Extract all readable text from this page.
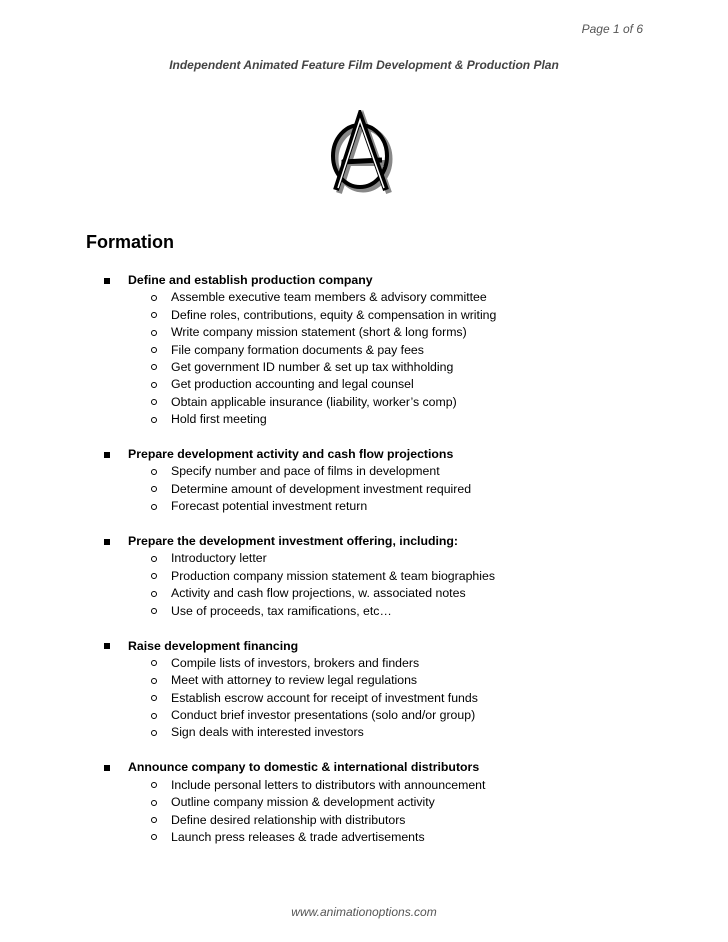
Page 1 of 6
Independent Animated Feature Film Development & Production Plan
Formation
Define and establish production company
Assemble executive team members & advisory committee
Define roles, contributions, equity & compensation in writing
Write company mission statement (short & long forms)
File company formation documents & pay fees
Get government ID number & set up tax withholding
Get production accounting and legal counsel
Obtain applicable insurance (liability, worker’s comp)
Hold first meeting
Prepare development activity and cash flow projections
Specify number and pace of films in development
Determine amount of development investment required
Forecast potential investment return
Prepare the development investment offering, including:
Introductory letter
Production company mission statement & team biographies
Activity and cash flow projections, w. associated notes
Use of proceeds, tax ramifications, etc…
Raise development financing
Compile lists of investors, brokers and finders
Meet with attorney to review legal regulations
Establish escrow account for receipt of investment funds
Conduct brief investor presentations (solo and/or group)
Sign deals with interested investors
Announce company to domestic & international distributors
Include personal letters to distributors with announcement
Outline company mission & development activity
Define desired relationship with distributors
Launch press releases & trade advertisements
www.animationoptions.com
